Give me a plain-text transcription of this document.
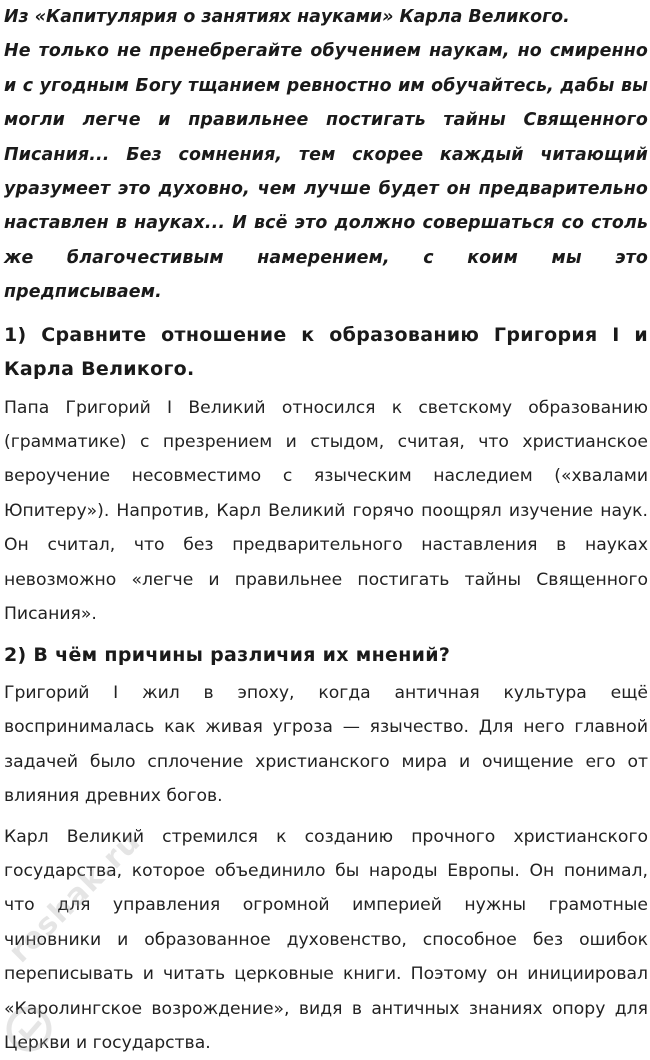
Из «Капитулярия о занятиях науками» Карла Великого.

Не только не пренебрегайте обучением наукам, но смиренно и с угодным Богу тщанием ревностно им обучайтесь, дабы вы могли легче и правильнее постигать тайны Священного Писания... Без сомнения, тем скорее каждый читающий уразумеет это духовно, чем лучше будет он предварительно наставлен в науках... И всё это должно совершаться со столь же благочестивым намерением, с коим мы это предписываем.

1) Сравните отношение к образованию Григория I и Карла Великого.

Папа Григорий I Великий относился к светскому образованию (грамматике) с презрением и стыдом, считая, что христианское вероучение несовместимо с языческим наследием («хвалами Юпитеру»). Напротив, Карл Великий горячо поощрял изучение наук. Он считал, что без предварительного наставления в науках невозможно «легче и правильнее постигать тайны Священного Писания».

2) В чём причины различия их мнений?

Григорий I жил в эпоху, когда античная культура ещё воспринималась как живая угроза — язычество. Для него главной задачей было сплочение христианского мира и очищение его от влияния древних богов.

Карл Великий стремился к созданию прочного христианского государства, которое объединило бы народы Европы. Он понимал, что для управления огромной империей нужны грамотные чиновники и образованное духовенство, способное без ошибок переписывать и читать церковные книги. Поэтому он инициировал «Каролингское возрождение», видя в античных знаниях опору для Церкви и государства.

reshak.ru
